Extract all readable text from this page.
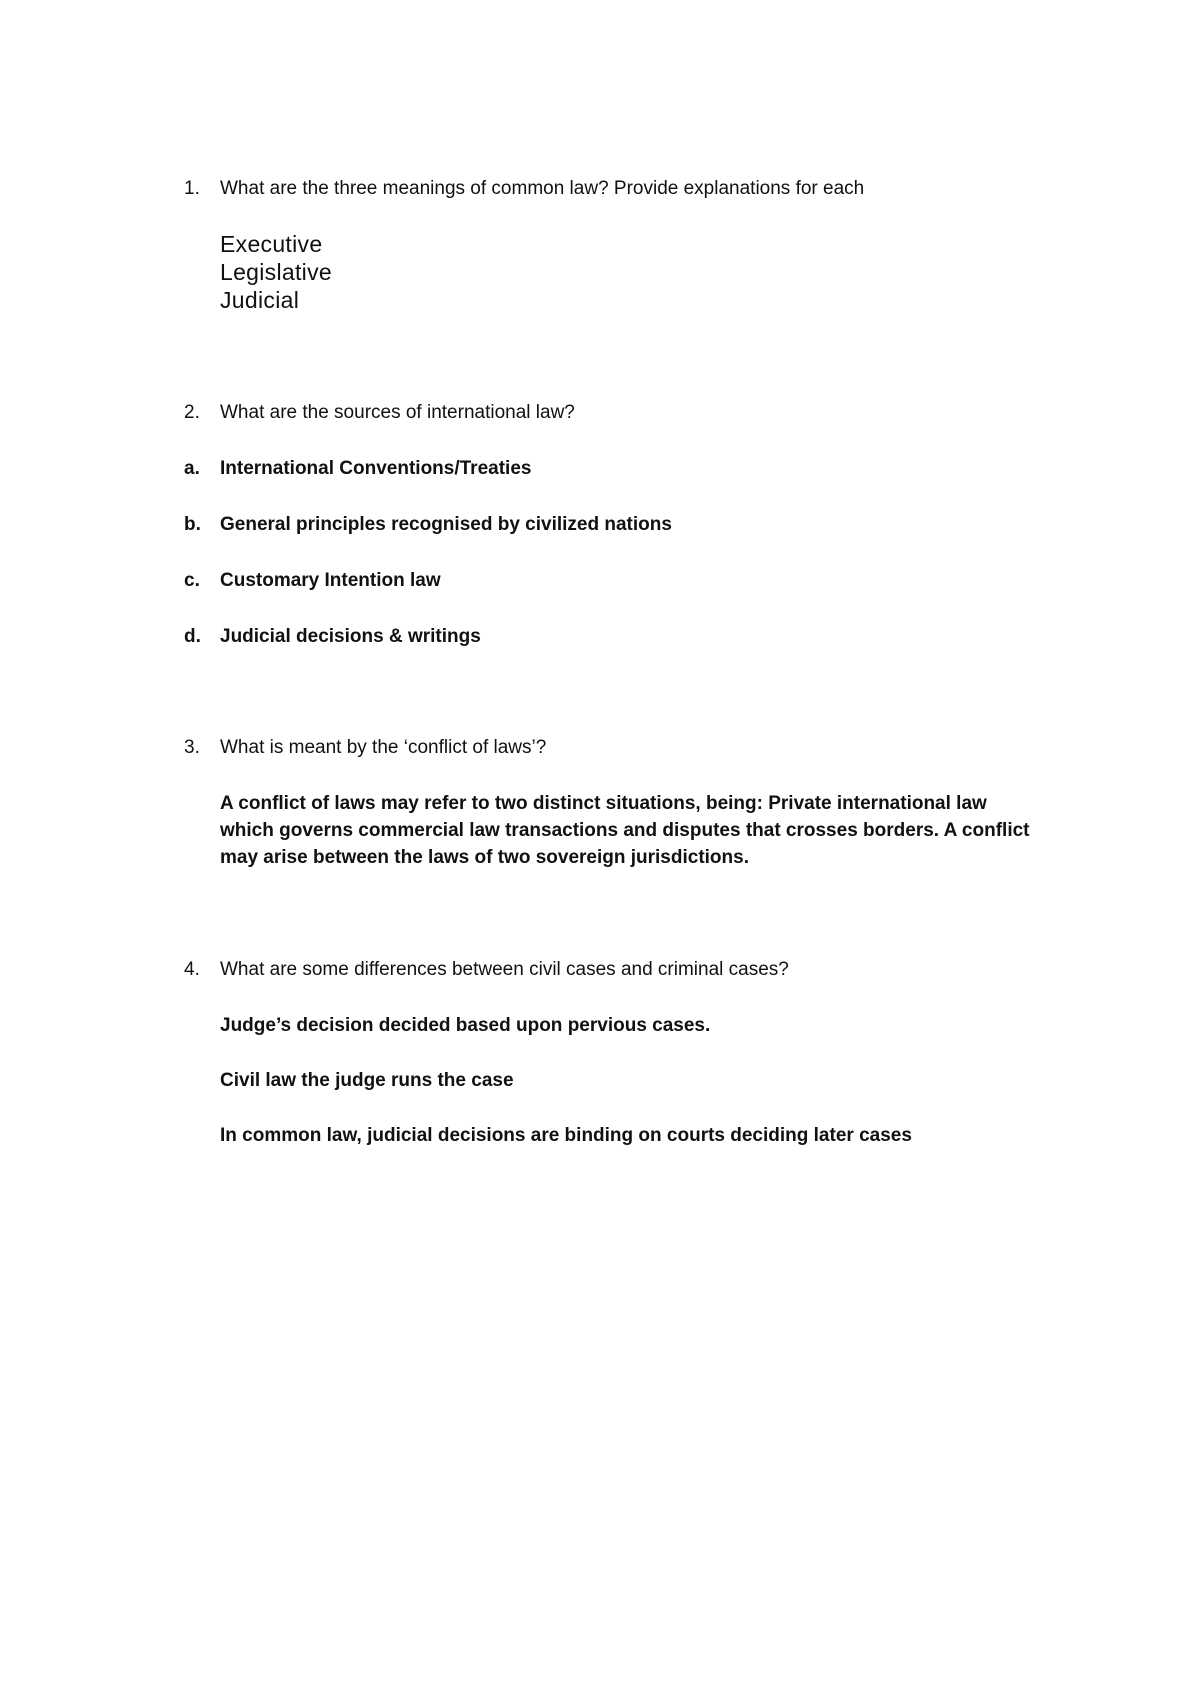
1.	What are the three meanings of common law? Provide explanations for each
Executive
Legislative
Judicial
2.	What are the sources of international law?
a.	International Conventions/Treaties
b.	General principles recognised by civilized nations
c.	Customary Intention law
d.	Judicial decisions & writings
3.	What is meant by the ‘conflict of laws’?
A conflict of laws may refer to two distinct situations, being: Private international law
which governs commercial law transactions and disputes that crosses borders. A conflict
may arise between the laws of two sovereign jurisdictions.
4.	What are some differences between civil cases and criminal cases?
Judge’s decision decided based upon pervious cases.
Civil law the judge runs the case
In common law, judicial decisions are binding on courts deciding later cases
